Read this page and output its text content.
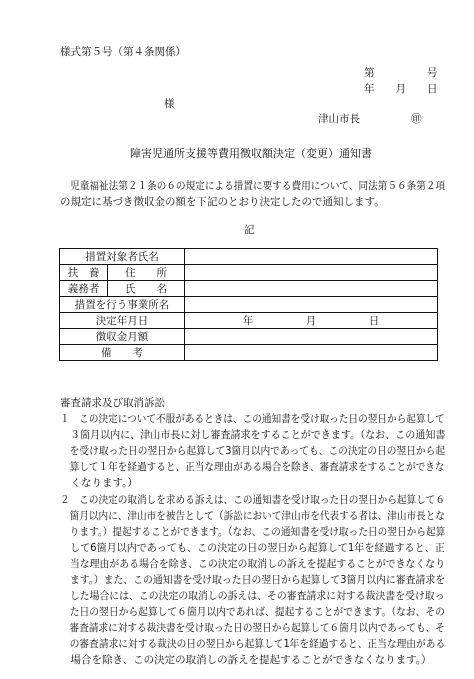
様式第５号（第４条関係）
第　　　　　号
年　　月　　日
様
津山市長	㊞
障害児通所支援等費用徴収額決定（変更）通知書
児童福祉法第２１条の６の規定による措置に要する費用について、同法第５６条第２項
の規定に基づき徴収金の額を下記のとおり決定したので通知します。
記
措置対象者氏名		
扶　養	住　　所	
義務者	氏　　名	
措置を行う事業所名		
決定年月日		年　　　　　月　　　　　日
徴収金月額		
備　　考		
審査請求及び取消訴訟
１　この決定について不服があるときは、この通知書を受け取った日の翌日から起算して
　３箇月以内に、津山市長に対し審査請求をすることができます。（なお、この通知書
　を受け取った日の翌日から起算して3箇月以内であっても、この決定の日の翌日から起
　算して１年を経過すると、正当な理由がある場合を除き、審査請求をすることができな
　くなります。）
２　この決定の取消しを求める訴えは、この通知書を受け取った日の翌日から起算して６
　箇月以内に、津山市を被告として（訴訟において津山市を代表する者は、津山市長とな
　ります。）提起することができます。（なお、この通知書を受け取った日の翌日から起算
　して6箇月以内であっても、この決定の日の翌日から起算して1年を経過すると、正
　当な理由がある場合を除き、この決定の取消しの訴えを提起することができなくなり
　ます。）また、この通知書を受け取った日の翌日から起算して3箇月以内に審査請求を
　した場合には、この決定の取消しの訴えは、その審査請求に対する裁決書を受け取っ
　た日の翌日から起算して６箇月以内であれば、提起することができます。（なお、その
　審査請求に対する裁決書を受け取った日の翌日から起算して６箇月以内であっても、そ
　の審査請求に対する裁決の日の翌日から起算して1年を経過すると、正当な理由がある
　場合を除き、この決定の取消しの訴えを提起することができなくなります。）
